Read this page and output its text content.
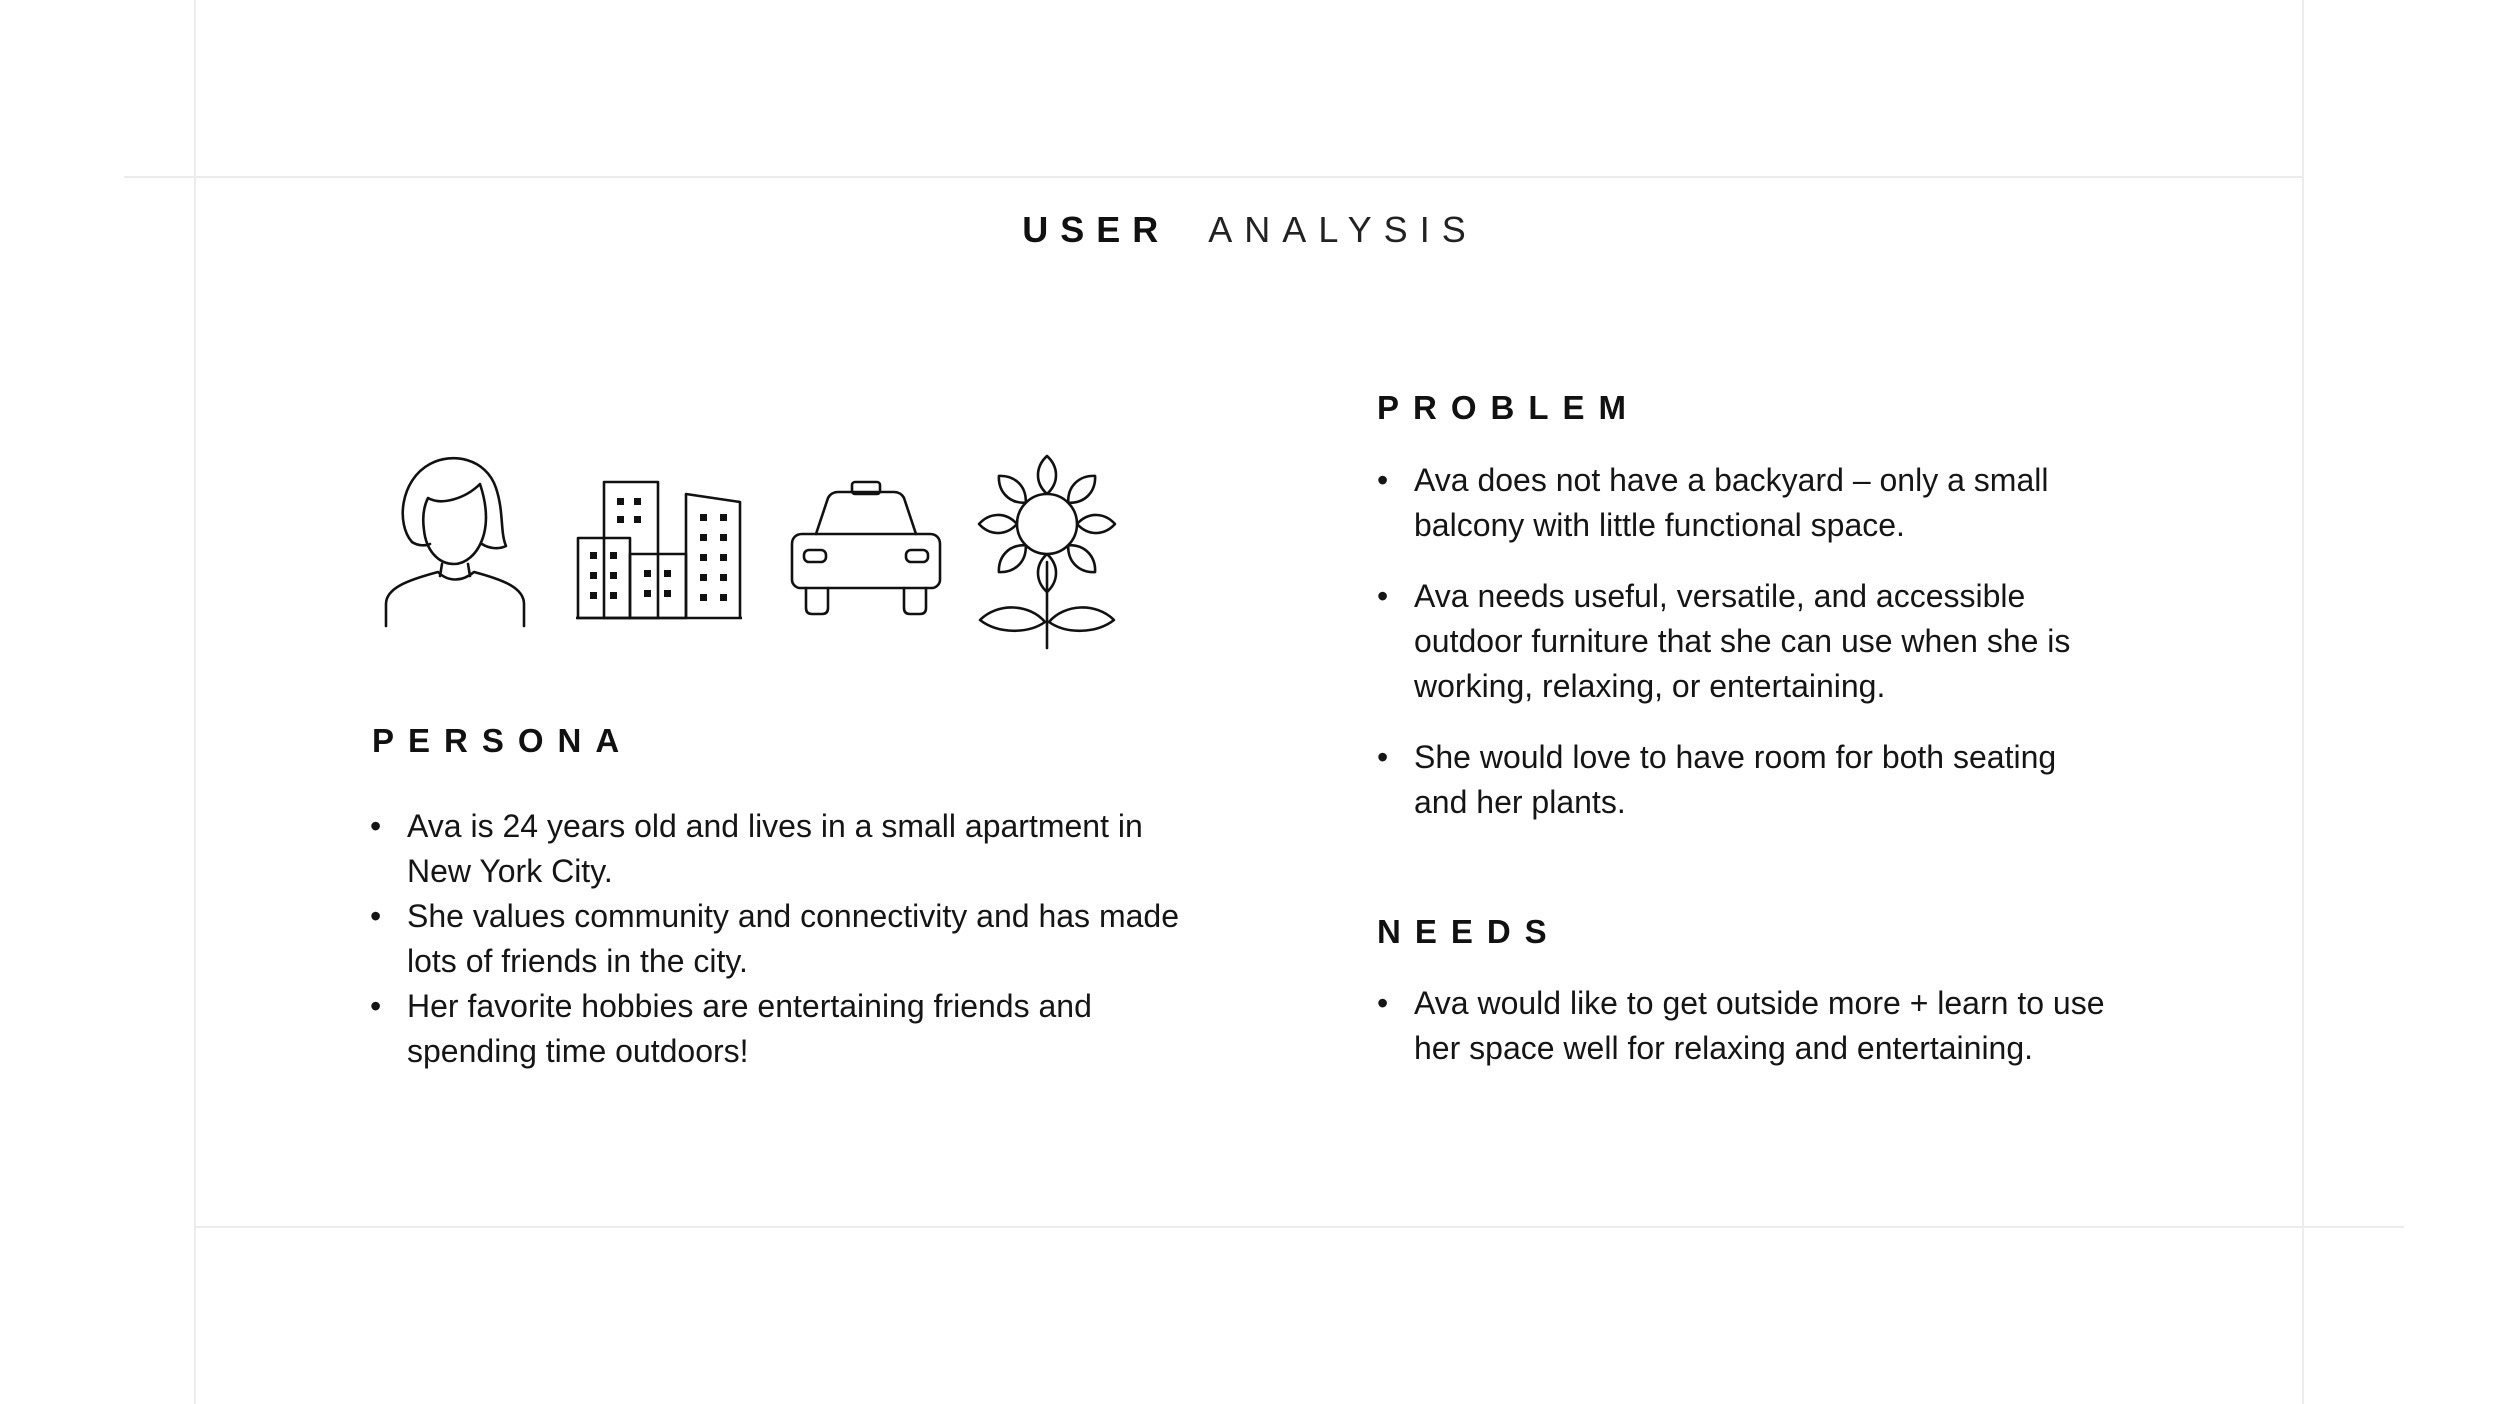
USER ANALYSIS
PERSONA
• Ava is 24 years old and lives in a small apartment in New York City.
• She values community and connectivity and has made lots of friends in the city.
• Her favorite hobbies are entertaining friends and spending time outdoors!
PROBLEM
• Ava does not have a backyard – only a small balcony with little functional space.
• Ava needs useful, versatile, and accessible outdoor furniture that she can use when she is working, relaxing, or entertaining.
• She would love to have room for both seating and her plants.
NEEDS
• Ava would like to get outside more + learn to use her space well for relaxing and entertaining.
